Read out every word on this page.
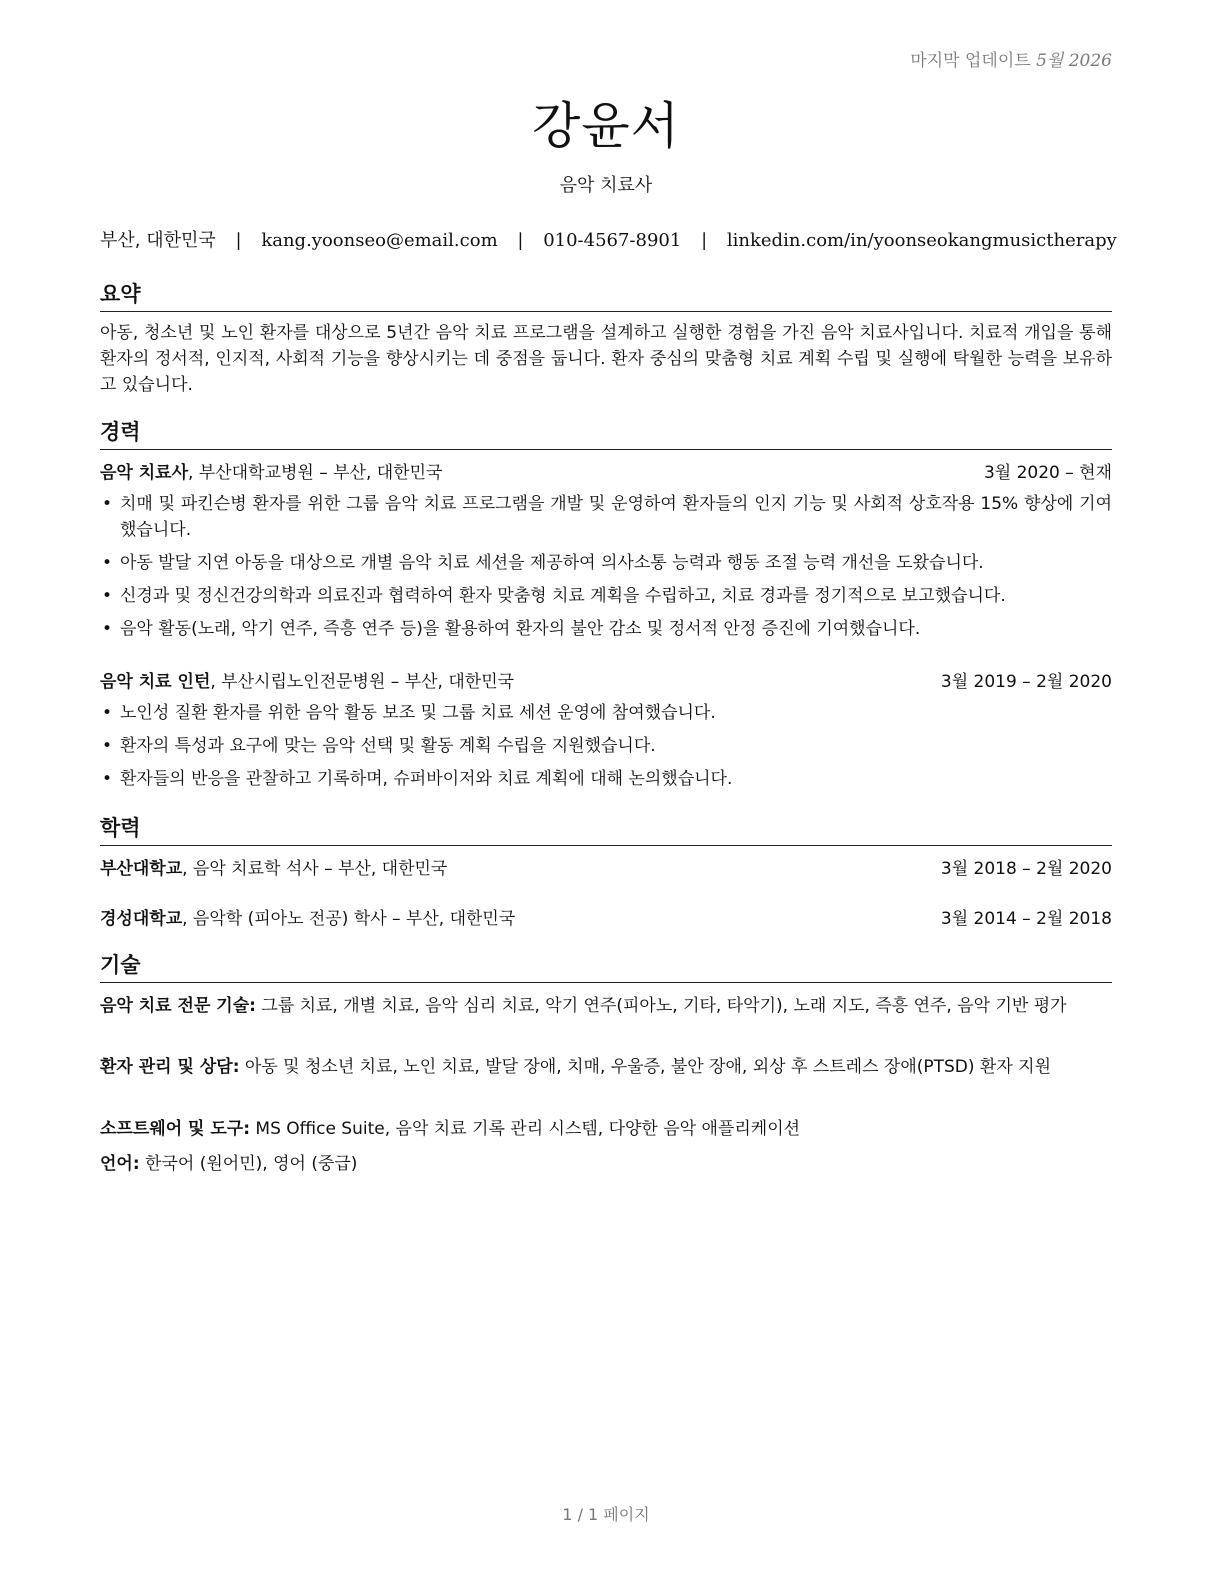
마지막 업데이트 5월 2026
강윤서
음악 치료사
부산, 대한민국 | kang.yoonseo@email.com | 010-4567-8901 | linkedin.com/in/yoonseokangmusictherapy
요약
아동, 청소년 및 노인 환자를 대상으로 5년간 음악 치료 프로그램을 설계하고 실행한 경험을 가진 음악 치료사입니다. 치료적 개입을 통해 환자의 정서적, 인지적, 사회적 기능을 향상시키는 데 중점을 둡니다. 환자 중심의 맞춤형 치료 계획 수립 및 실행에 탁월한 능력을 보유하고 있습니다.
경력
음악 치료사, 부산대학교병원 – 부산, 대한민국	3월 2020 – 현재
• 치매 및 파킨슨병 환자를 위한 그룹 음악 치료 프로그램을 개발 및 운영하여 환자들의 인지 기능 및 사회적 상호작용 15% 향상에 기여했습니다.
• 아동 발달 지연 아동을 대상으로 개별 음악 치료 세션을 제공하여 의사소통 능력과 행동 조절 능력 개선을 도왔습니다.
• 신경과 및 정신건강의학과 의료진과 협력하여 환자 맞춤형 치료 계획을 수립하고, 치료 경과를 정기적으로 보고했습니다.
• 음악 활동(노래, 악기 연주, 즉흥 연주 등)을 활용하여 환자의 불안 감소 및 정서적 안정 증진에 기여했습니다.
음악 치료 인턴, 부산시립노인전문병원 – 부산, 대한민국	3월 2019 – 2월 2020
• 노인성 질환 환자를 위한 음악 활동 보조 및 그룹 치료 세션 운영에 참여했습니다.
• 환자의 특성과 요구에 맞는 음악 선택 및 활동 계획 수립을 지원했습니다.
• 환자들의 반응을 관찰하고 기록하며, 슈퍼바이저와 치료 계획에 대해 논의했습니다.
학력
부산대학교, 음악 치료학 석사 – 부산, 대한민국	3월 2018 – 2월 2020
경성대학교, 음악학 (피아노 전공) 학사 – 부산, 대한민국	3월 2014 – 2월 2018
기술
음악 치료 전문 기술: 그룹 치료, 개별 치료, 음악 심리 치료, 악기 연주(피아노, 기타, 타악기), 노래 지도, 즉흥 연주, 음악 기반 평가
환자 관리 및 상담: 아동 및 청소년 치료, 노인 치료, 발달 장애, 치매, 우울증, 불안 장애, 외상 후 스트레스 장애(PTSD) 환자 지원
소프트웨어 및 도구: MS Office Suite, 음악 치료 기록 관리 시스템, 다양한 음악 애플리케이션
언어: 한국어 (원어민), 영어 (중급)
1 / 1 페이지
